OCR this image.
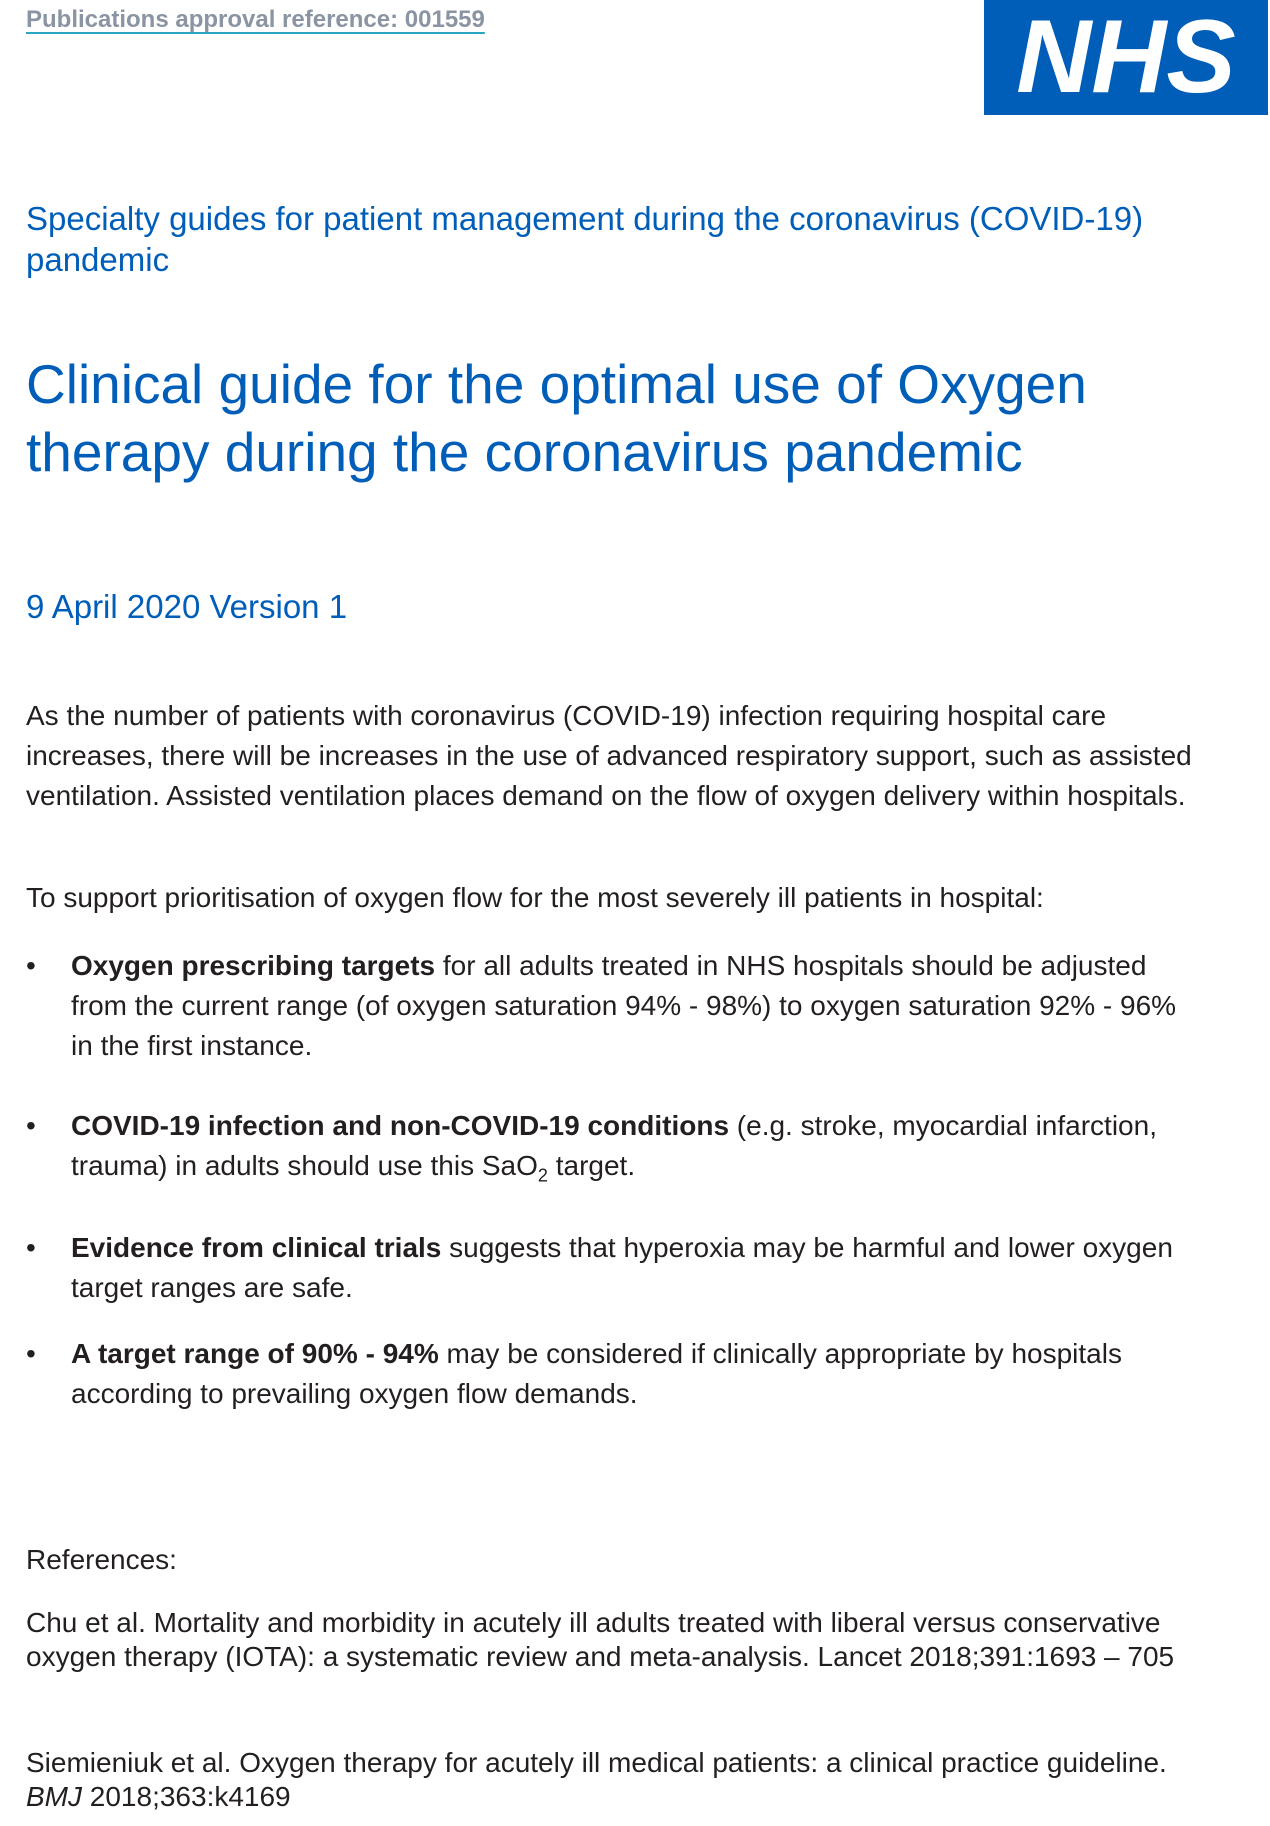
Publications approval reference: 001559	NHS
Specialty guides for patient management during the coronavirus (COVID-19) pandemic
Clinical guide for the optimal use of Oxygen therapy during the coronavirus pandemic
9 April 2020 Version 1

As the number of patients with coronavirus (COVID-19) infection requiring hospital care increases, there will be increases in the use of advanced respiratory support, such as assisted ventilation. Assisted ventilation places demand on the flow of oxygen delivery within hospitals.

To support prioritisation of oxygen flow for the most severely ill patients in hospital:

•	Oxygen prescribing targets for all adults treated in NHS hospitals should be adjusted from the current range (of oxygen saturation 94% - 98%) to oxygen saturation 92% - 96% in the first instance.
•	COVID-19 infection and non-COVID-19 conditions (e.g. stroke, myocardial infarction, trauma) in adults should use this SaO$_2$ target.
•	Evidence from clinical trials suggests that hyperoxia may be harmful and lower oxygen target ranges are safe.
•	A target range of 90% - 94% may be considered if clinically appropriate by hospitals according to prevailing oxygen flow demands.
References:
Chu et al. Mortality and morbidity in acutely ill adults treated with liberal versus conservative oxygen therapy (IOTA): a systematic review and meta-analysis. Lancet 2018;391:1693 – 705
Siemieniuk et al. Oxygen therapy for acutely ill medical patients: a clinical practice guideline. BMJ 2018;363:k4169
